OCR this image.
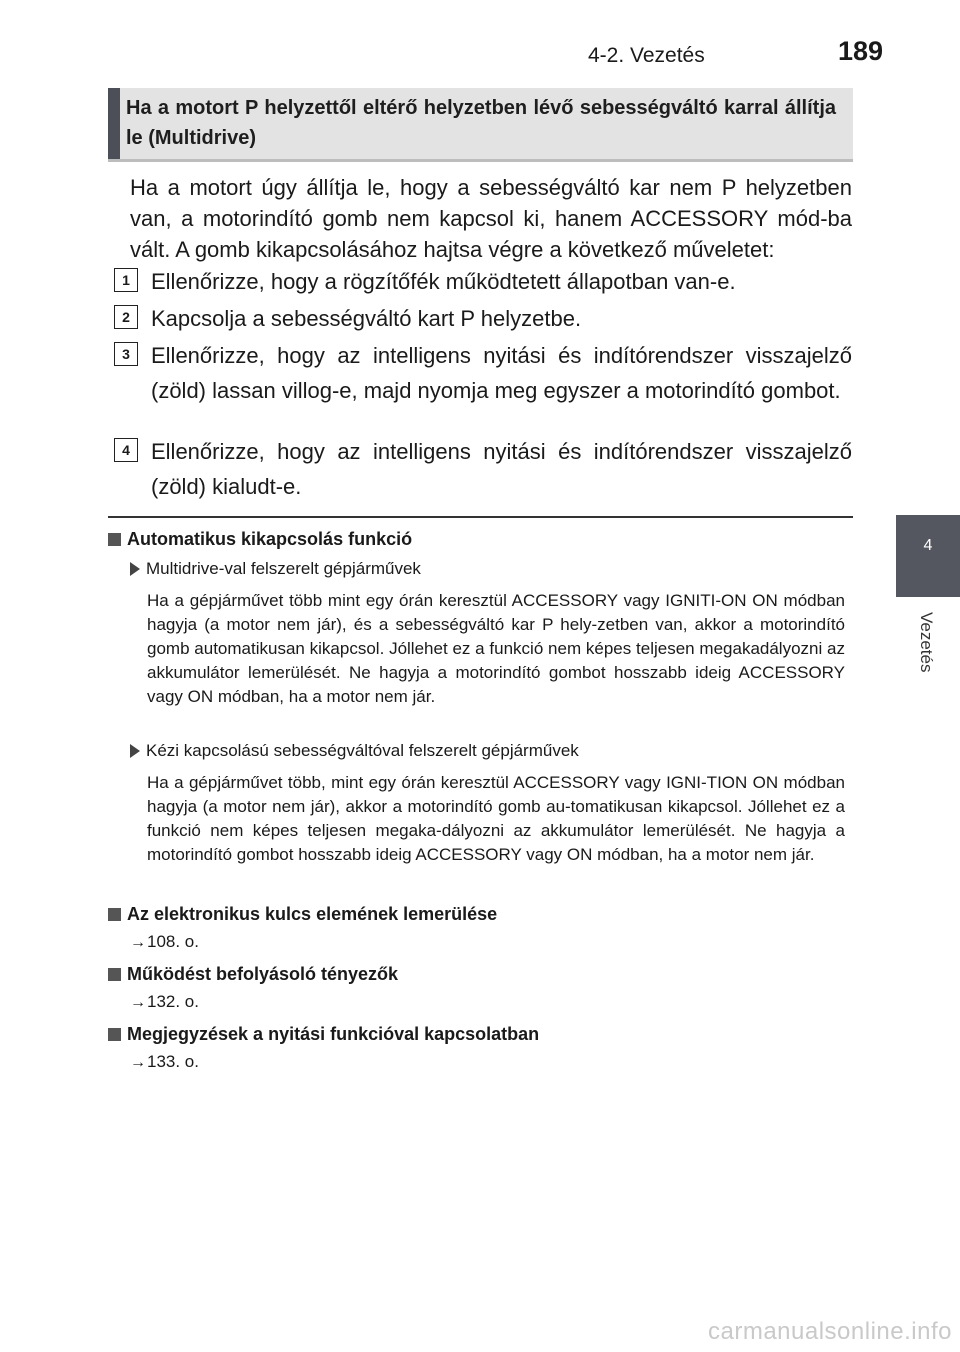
4-2. Vezetés	189
4
Vezetés
Ha a motort P helyzettől eltérő helyzetben lévő sebességváltó karral állítja le (Multidrive)
Ha a motort úgy állítja le, hogy a sebességváltó kar nem P helyzetben van, a motorindító gomb nem kapcsol ki, hanem ACCESSORY mód-ba vált. A gomb kikapcsolásához hajtsa végre a következő műveletet:
1 Ellenőrizze, hogy a rögzítőfék működtetett állapotban van-e.
2 Kapcsolja a sebességváltó kart P helyzetbe.
3 Ellenőrizze, hogy az intelligens nyitási és indítórendszer visszajelző (zöld) lassan villog-e, majd nyomja meg egyszer a motorindító gombot.
4 Ellenőrizze, hogy az intelligens nyitási és indítórendszer visszajelző (zöld) kialudt-e.
Automatikus kikapcsolás funkció
Multidrive-val felszerelt gépjárművek
Ha a gépjárművet több mint egy órán keresztül ACCESSORY vagy IGNITI-ON ON módban hagyja (a motor nem jár), és a sebességváltó kar P hely-zetben van, akkor a motorindító gomb automatikusan kikapcsol. Jóllehet ez a funkció nem képes teljesen megakadályozni az akkumulátor lemerülését. Ne hagyja a motorindító gombot hosszabb ideig ACCESSORY vagy ON módban, ha a motor nem jár.
Kézi kapcsolású sebességváltóval felszerelt gépjárművek
Ha a gépjárművet több, mint egy órán keresztül ACCESSORY vagy IGNI-TION ON módban hagyja (a motor nem jár), akkor a motorindító gomb au-tomatikusan kikapcsol. Jóllehet ez a funkció nem képes teljesen megaka-dályozni az akkumulátor lemerülését. Ne hagyja a motorindító gombot hosszabb ideig ACCESSORY vagy ON módban, ha a motor nem jár.
Az elektronikus kulcs elemének lemerülése
→108. o.
Működést befolyásoló tényezők
→132. o.
Megjegyzések a nyitási funkcióval kapcsolatban
→133. o.
carmanualsonline.info
